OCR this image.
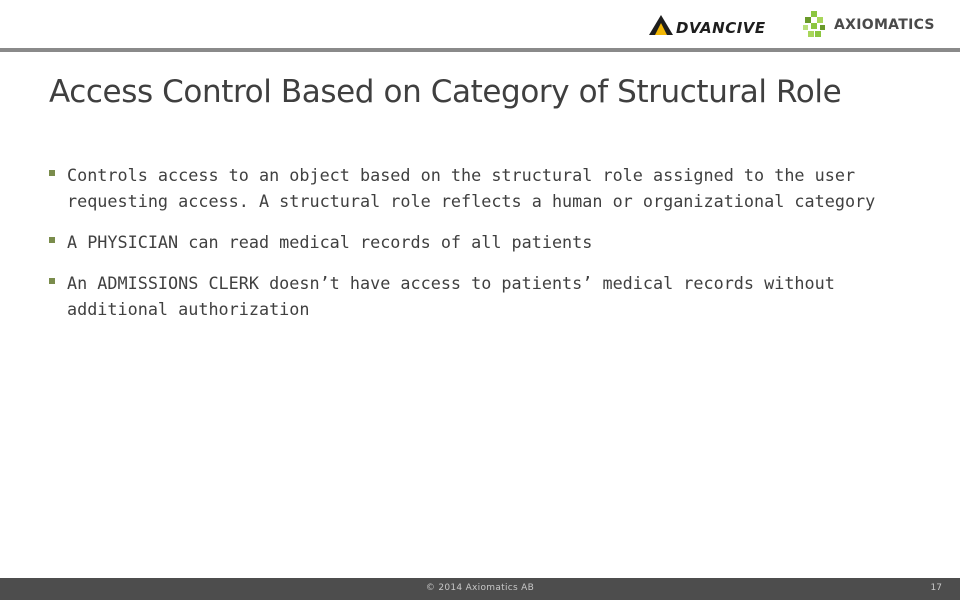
DVANCIVE	AXIOMATICS
Access Control Based on Category of Structural Role
Controls access to an object based on the structural role assigned to the user requesting access. A structural role reflects a human or organizational category
A PHYSICIAN can read medical records of all patients
An ADMISSIONS CLERK doesn’t have access to patients’ medical records without additional authorization
© 2014 Axiomatics AB	17
